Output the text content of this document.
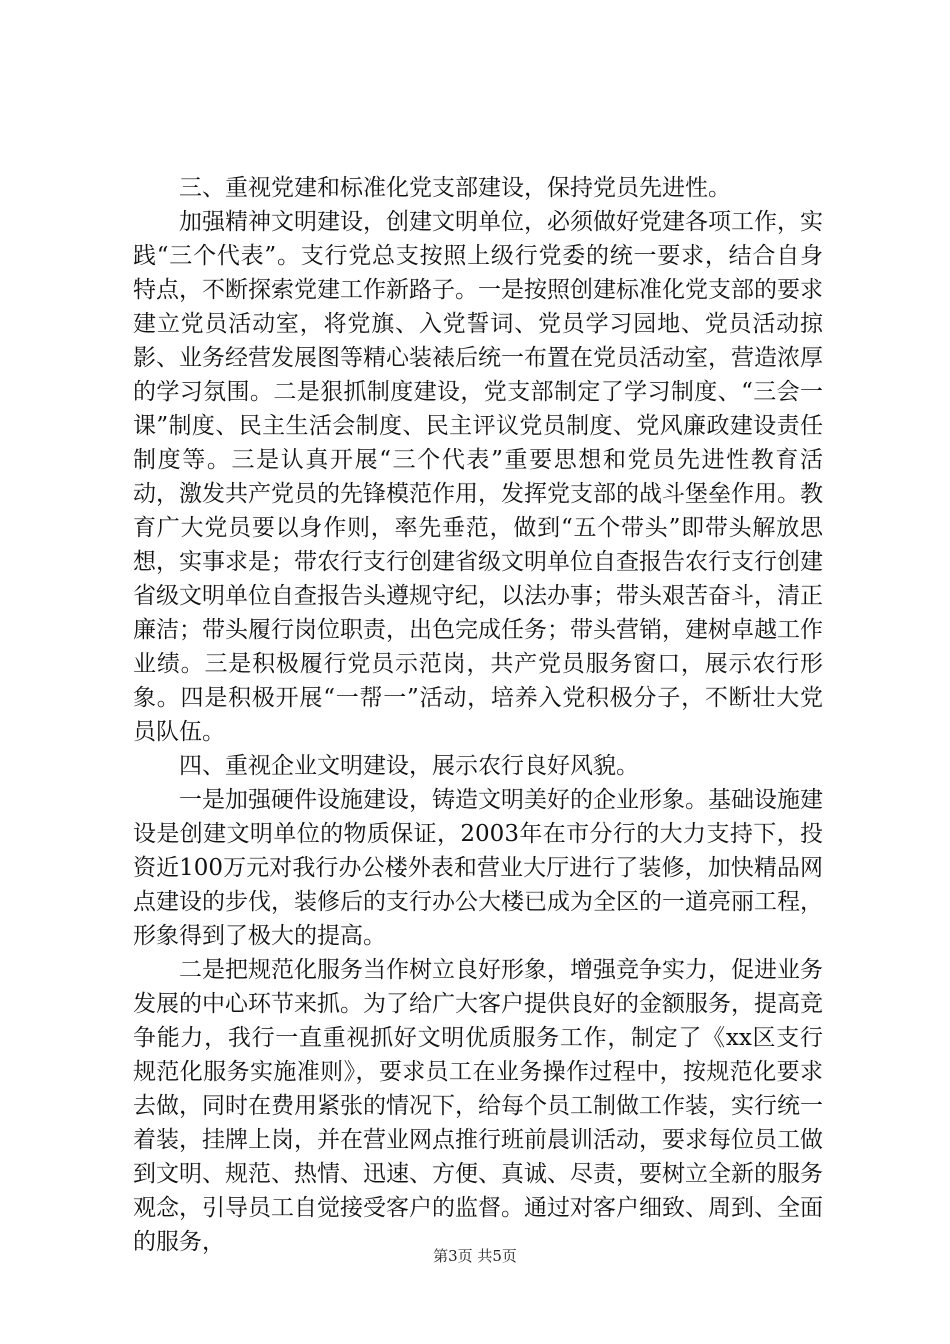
三、重视党建和标准化党支部建设，保持党员先进性。

加强精神文明建设，创建文明单位，必须做好党建各项工作，实践“三个代表”。支行党总支按照上级行党委的统一要求，结合自身特点，不断探索党建工作新路子。一是按照创建标准化党支部的要求建立党员活动室，将党旗、入党誓词、党员学习园地、党员活动掠影、业务经营发展图等精心装裱后统一布置在党员活动室，营造浓厚的学习氛围。二是狠抓制度建设，党支部制定了学习制度、“三会一课”制度、民主生活会制度、民主评议党员制度、党风廉政建设责任制度等。三是认真开展“三个代表”重要思想和党员先进性教育活动，激发共产党员的先锋模范作用，发挥党支部的战斗堡垒作用。教育广大党员要以身作则，率先垂范，做到“五个带头”即带头解放思想，实事求是；带农行支行创建省级文明单位自查报告农行支行创建省级文明单位自查报告头遵规守纪，以法办事；带头艰苦奋斗，清正廉洁；带头履行岗位职责，出色完成任务；带头营销，建树卓越工作业绩。三是积极履行党员示范岗，共产党员服务窗口，展示农行形象。四是积极开展“一帮一”活动，培养入党积极分子，不断壮大党员队伍。

四、重视企业文明建设，展示农行良好风貌。

一是加强硬件设施建设，铸造文明美好的企业形象。基础设施建设是创建文明单位的物质保证，2003年在市分行的大力支持下，投资近100万元对我行办公楼外表和营业大厅进行了装修，加快精品网点建设的步伐，装修后的支行办公大楼已成为全区的一道亮丽工程，形象得到了极大的提高。

二是把规范化服务当作树立良好形象，增强竞争实力，促进业务发展的中心环节来抓。为了给广大客户提供良好的金额服务，提高竞争能力，我行一直重视抓好文明优质服务工作，制定了《xx区支行规范化服务实施准则》，要求员工在业务操作过程中，按规范化要求去做，同时在费用紧张的情况下，给每个员工制做工作装，实行统一着装，挂牌上岗，并在营业网点推行班前晨训活动，要求每位员工做到文明、规范、热情、迅速、方便、真诚、尽责，要树立全新的服务观念，引导员工自觉接受客户的监督。通过对客户细致、周到、全面的服务，

第3页 共5页
